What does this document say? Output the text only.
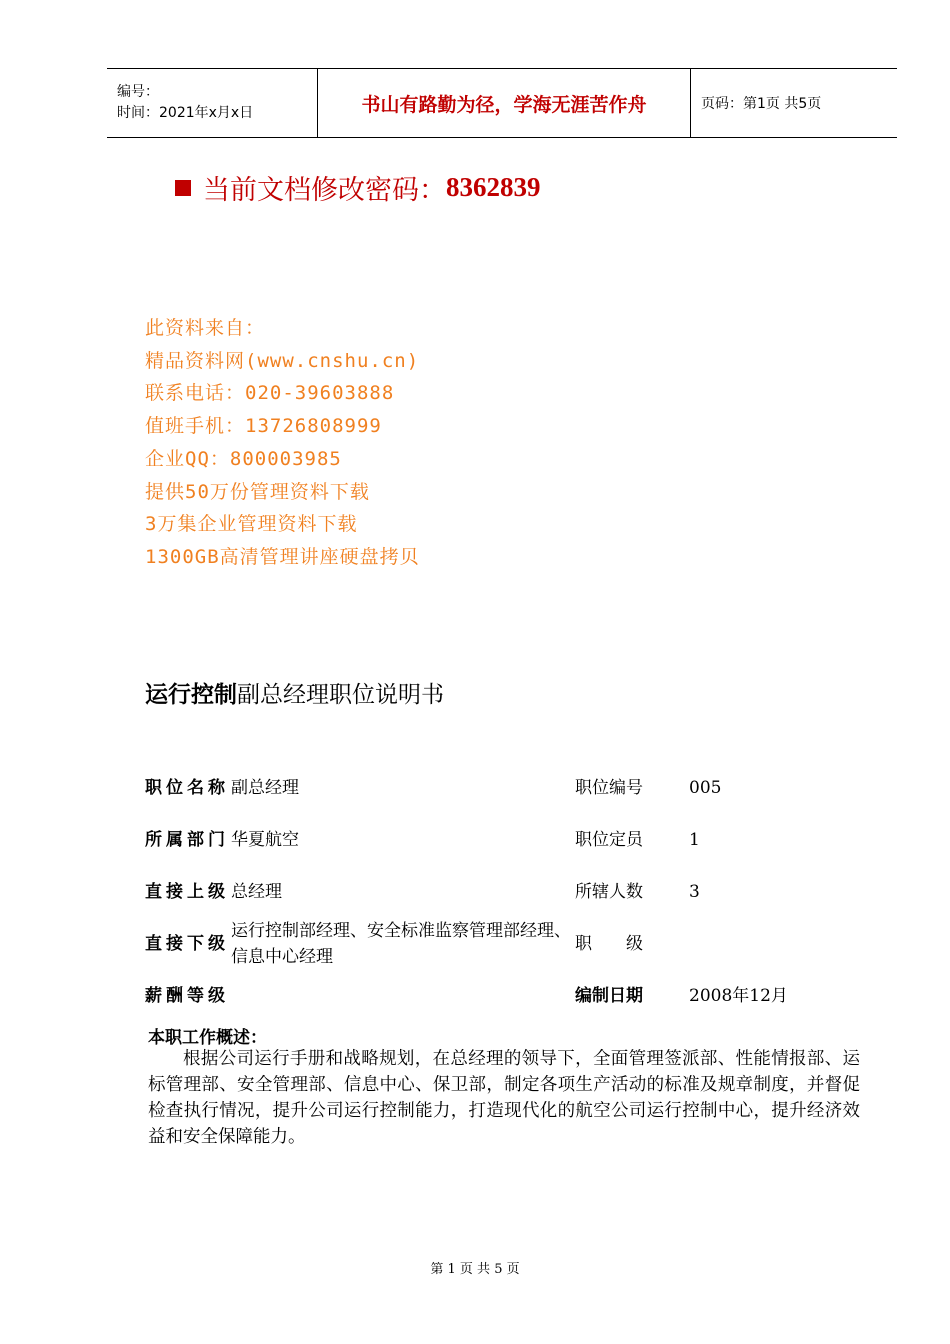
编号：
时间：2021年x月x日	书山有路勤为径，学海无涯苦作舟	页码：第1页 共5页
当前文档修改密码： 8362839
此资料来自：
精品资料网(www.cnshu.cn)
联系电话：020-39603888
值班手机：13726808999
企业QQ：800003985
提供50万份管理资料下载
3万集企业管理资料下载
1300GB高清管理讲座硬盘拷贝
运行控制副总经理职位说明书
职位名称	副总经理	职位编号	005

所属部门	华夏航空	职位定员	1

直接上级	总经理	所辖人数	3

直接下级	运行控制部经理、安全标准监察管理部经理、信息中心经理	职　　级	

薪酬等级		编制日期	2008年12月
本职工作概述：
根据公司运行手册和战略规划，在总经理的领导下，全面管理签派部、性能情报部、运标管理部、安全管理部、信息中心、保卫部，制定各项生产活动的标准及规章制度，并督促检查执行情况，提升公司运行控制能力，打造现代化的航空公司运行控制中心，提升经济效益和安全保障能力。
第 1 页 共 5 页
